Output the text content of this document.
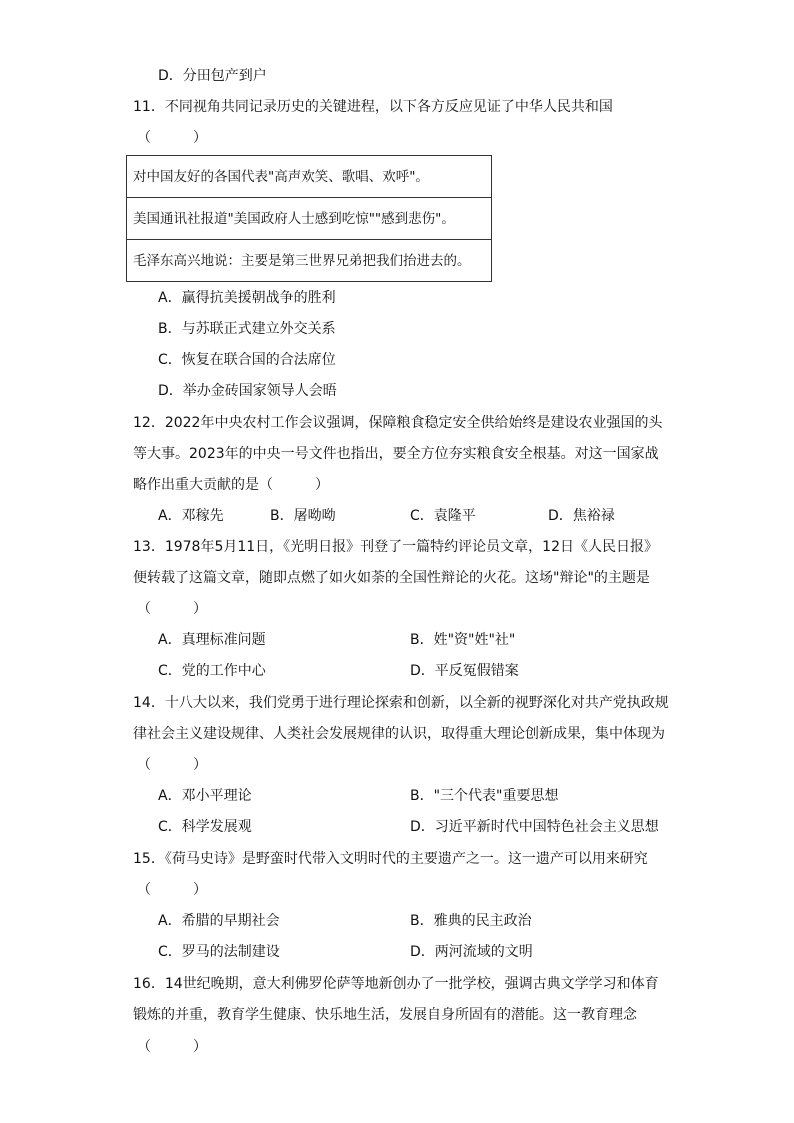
D．分田包产到户
11．不同视角共同记录历史的关键进程，以下各方反应见证了中华人民共和国
（　　　）
对中国友好的各国代表"高声欢笑、歌唱、欢呼"。
美国通讯社报道"美国政府人士感到吃惊""感到悲伤"。
毛泽东高兴地说：主要是第三世界兄弟把我们抬进去的。
A．赢得抗美援朝战争的胜利
B．与苏联正式建立外交关系
C．恢复在联合国的合法席位
D．举办金砖国家领导人会晤
12．2022年中央农村工作会议强调，保障粮食稳定安全供给始终是建设农业强国的头
等大事。2023年的中央一号文件也指出，要全方位夯实粮食安全根基。对这一国家战
略作出重大贡献的是（　　　）
A．邓稼先	B．屠呦呦	C．袁隆平	D．焦裕禄
13．1978年5月11日，《光明日报》刊登了一篇特约评论员文章，12日《人民日报》
便转载了这篇文章，随即点燃了如火如荼的全国性辩论的火花。这场"辩论"的主题是
（　　　）
A．真理标准问题	B．姓"资"姓"社"
C．党的工作中心	D．平反冤假错案
14．十八大以来，我们党勇于进行理论探索和创新，以全新的视野深化对共产党执政规
律社会主义建设规律、人类社会发展规律的认识，取得重大理论创新成果，集中体现为
（　　　）
A．邓小平理论	B．"三个代表"重要思想
C．科学发展观	D．习近平新时代中国特色社会主义思想
15．《荷马史诗》是野蛮时代带入文明时代的主要遗产之一。这一遗产可以用来研究
（　　　）
A．希腊的早期社会	B．雅典的民主政治
C．罗马的法制建设	D．两河流域的文明
16．14世纪晚期，意大利佛罗伦萨等地新创办了一批学校，强调古典文学学习和体育
锻炼的并重，教育学生健康、快乐地生活，发展自身所固有的潜能。这一教育理念
（　　　）
